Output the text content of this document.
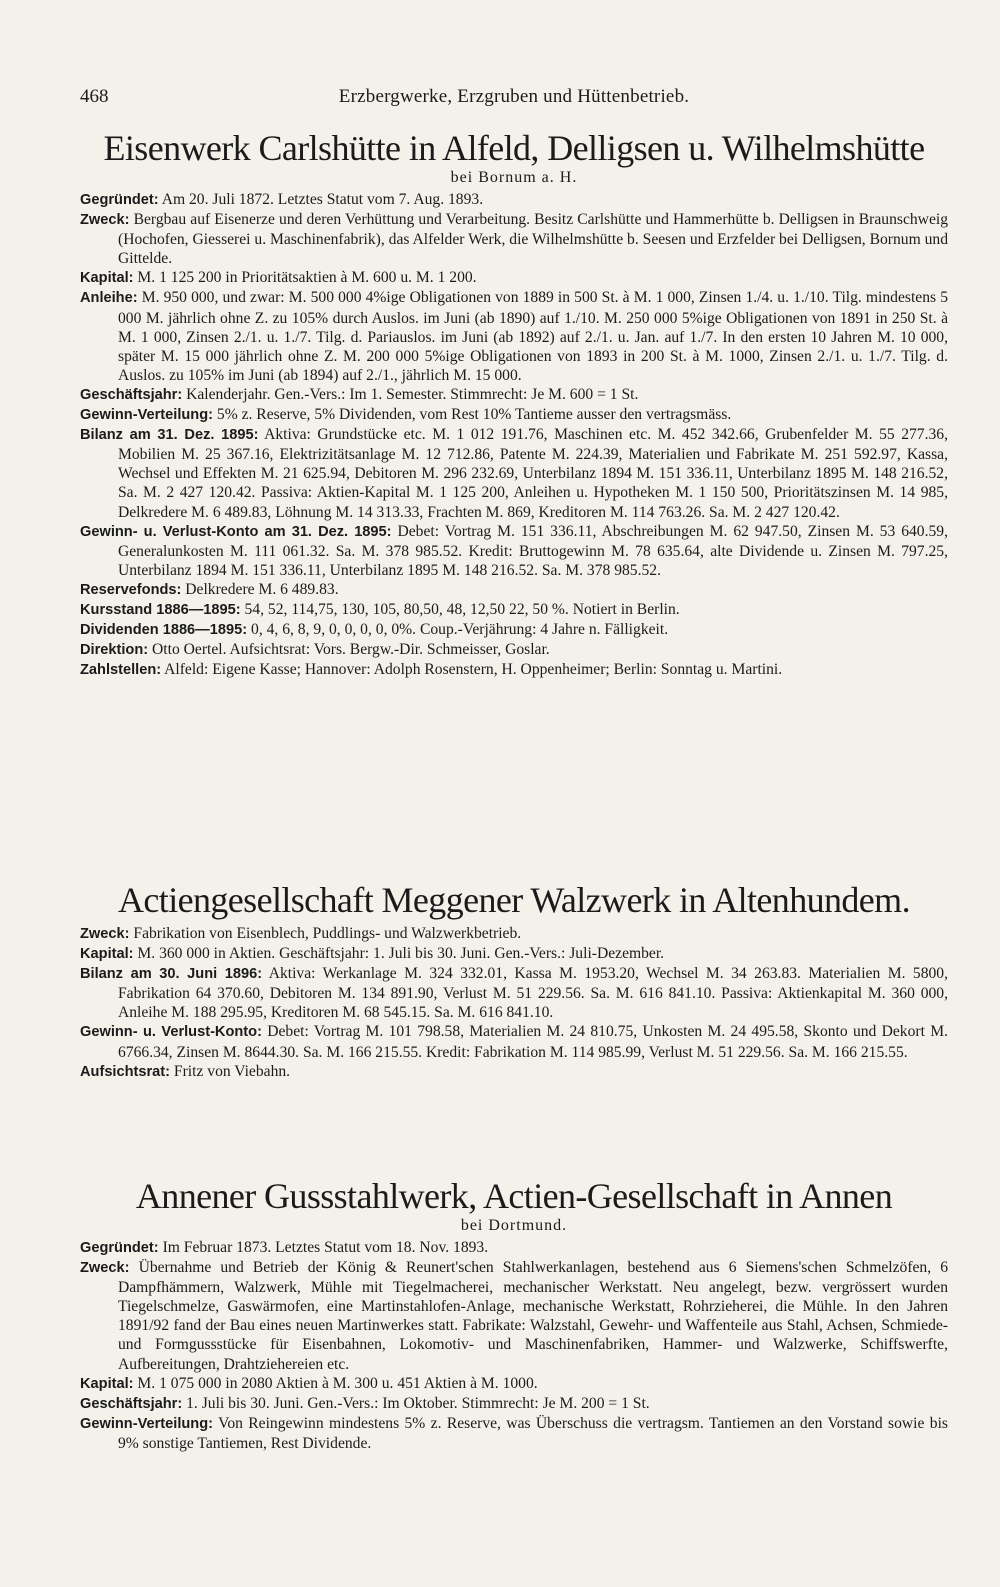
468	Erzbergwerke, Erzgruben und Hüttenbetrieb.
Eisenwerk Carlshütte in Alfeld, Delligsen u. Wilhelmshütte
bei Bornum a. H.

Gegründet: Am 20. Juli 1872. Letztes Statut vom 7. Aug. 1893.

Zweck: Bergbau auf Eisenerze und deren Verhüttung und Verarbeitung. Besitz Carlshütte und Hammerhütte b. Delligsen in Braunschweig (Hochofen, Giesserei u. Maschinenfabrik), das Alfelder Werk, die Wilhelmshütte b. Seesen und Erzfelder bei Delligsen, Bornum und Gittelde.

Kapital: M. 1 125 200 in Prioritätsaktien à M. 600 u. M. 1 200.

Anleihe: M. 950 000, und zwar: M. 500 000 4%ige Obligationen von 1889 in 500 St. à M. 1 000, Zinsen 1./4. u. 1./10. Tilg. mindestens 5 000 M. jährlich ohne Z. zu 105% durch Auslos. im Juni (ab 1890) auf 1./10. M. 250 000 5%ige Obligationen von 1891 in 250 St. à M. 1 000, Zinsen 2./1. u. 1./7. Tilg. d. Pariauslos. im Juni (ab 1892) auf 2./1. u. Jan. auf 1./7. In den ersten 10 Jahren M. 10 000, später M. 15 000 jährlich ohne Z. M. 200 000 5%ige Obligationen von 1893 in 200 St. à M. 1000, Zinsen 2./1. u. 1./7. Tilg. d. Auslos. zu 105% im Juni (ab 1894) auf 2./1., jährlich M. 15 000.

Geschäftsjahr: Kalenderjahr. Gen.-Vers.: Im 1. Semester. Stimmrecht: Je M. 600 = 1 St.

Gewinn-Verteilung: 5% z. Reserve, 5% Dividenden, vom Rest 10% Tantieme ausser den vertragsmäss.

Bilanz am 31. Dez. 1895: Aktiva: Grundstücke etc. M. 1 012 191.76, Maschinen etc. M. 452 342.66, Grubenfelder M. 55 277.36, Mobilien M. 25 367.16, Elektrizitätsanlage M. 12 712.86, Patente M. 224.39, Materialien und Fabrikate M. 251 592.97, Kassa, Wechsel und Effekten M. 21 625.94, Debitoren M. 296 232.69, Unterbilanz 1894 M. 151 336.11, Unterbilanz 1895 M. 148 216.52, Sa. M. 2 427 120.42. Passiva: Aktien-Kapital M. 1 125 200, Anleihen u. Hypotheken M. 1 150 500, Prioritätszinsen M. 14 985, Delkredere M. 6 489.83, Löhnung M. 14 313.33, Frachten M. 869, Kreditoren M. 114 763.26. Sa. M. 2 427 120.42.

Gewinn- u. Verlust-Konto am 31. Dez. 1895: Debet: Vortrag M. 151 336.11, Abschreibungen M. 62 947.50, Zinsen M. 53 640.59, Generalunkosten M. 111 061.32. Sa. M. 378 985.52. Kredit: Bruttogewinn M. 78 635.64, alte Dividende u. Zinsen M. 797.25, Unterbilanz 1894 M. 151 336.11, Unterbilanz 1895 M. 148 216.52. Sa. M. 378 985.52.

Reservefonds: Delkredere M. 6 489.83.

Kursstand 1886—1895: 54, 52, 114,75, 130, 105, 80,50, 48, 12,50 22, 50 %. Notiert in Berlin.

Dividenden 1886—1895: 0, 4, 6, 8, 9, 0, 0, 0, 0, 0%. Coup.-Verjährung: 4 Jahre n. Fälligkeit.

Direktion: Otto Oertel. Aufsichtsrat: Vors. Bergw.-Dir. Schmeisser, Goslar.

Zahlstellen: Alfeld: Eigene Kasse; Hannover: Adolph Rosenstern, H. Oppenheimer; Berlin: Sonntag u. Martini.

Actiengesellschaft Meggener Walzwerk in Altenhundem.

Zweck: Fabrikation von Eisenblech, Puddlings- und Walzwerkbetrieb.

Kapital: M. 360 000 in Aktien. Geschäftsjahr: 1. Juli bis 30. Juni. Gen.-Vers.: Juli-Dezember.

Bilanz am 30. Juni 1896: Aktiva: Werkanlage M. 324 332.01, Kassa M. 1953.20, Wechsel M. 34 263.83. Materialien M. 5800, Fabrikation 64 370.60, Debitoren M. 134 891.90, Verlust M. 51 229.56. Sa. M. 616 841.10. Passiva: Aktienkapital M. 360 000, Anleihe M. 188 295.95, Kreditoren M. 68 545.15. Sa. M. 616 841.10.

Gewinn- u. Verlust-Konto: Debet: Vortrag M. 101 798.58, Materialien M. 24 810.75, Unkosten M. 24 495.58, Skonto und Dekort M. 6766.34, Zinsen M. 8644.30. Sa. M. 166 215.55. Kredit: Fabrikation M. 114 985.99, Verlust M. 51 229.56. Sa. M. 166 215.55.

Aufsichtsrat: Fritz von Viebahn.

Annener Gussstahlwerk, Actien-Gesellschaft in Annen
bei Dortmund.

Gegründet: Im Februar 1873. Letztes Statut vom 18. Nov. 1893.

Zweck: Übernahme und Betrieb der König & Reunert'schen Stahlwerkanlagen, bestehend aus 6 Siemens'schen Schmelzöfen, 6 Dampfhämmern, Walzwerk, Mühle mit Tiegelmacherei, mechanischer Werkstatt. Neu angelegt, bezw. vergrössert wurden Tiegelschmelze, Gaswärmofen, eine Martinstahlofen-Anlage, mechanische Werkstatt, Rohrzieherei, die Mühle. In den Jahren 1891/92 fand der Bau eines neuen Martinwerkes statt. Fabrikate: Walzstahl, Gewehr- und Waffenteile aus Stahl, Achsen, Schmiede- und Formgussstücke für Eisenbahnen, Lokomotiv- und Maschinenfabriken, Hammer- und Walzwerke, Schiffswerfte, Aufbereitungen, Drahtziehereien etc.

Kapital: M. 1 075 000 in 2080 Aktien à M. 300 u. 451 Aktien à M. 1000.

Geschäftsjahr: 1. Juli bis 30. Juni. Gen.-Vers.: Im Oktober. Stimmrecht: Je M. 200 = 1 St.

Gewinn-Verteilung: Von Reingewinn mindestens 5% z. Reserve, was Überschuss die vertragsm. Tantiemen an den Vorstand sowie bis 9% sonstige Tantiemen, Rest Dividende.
